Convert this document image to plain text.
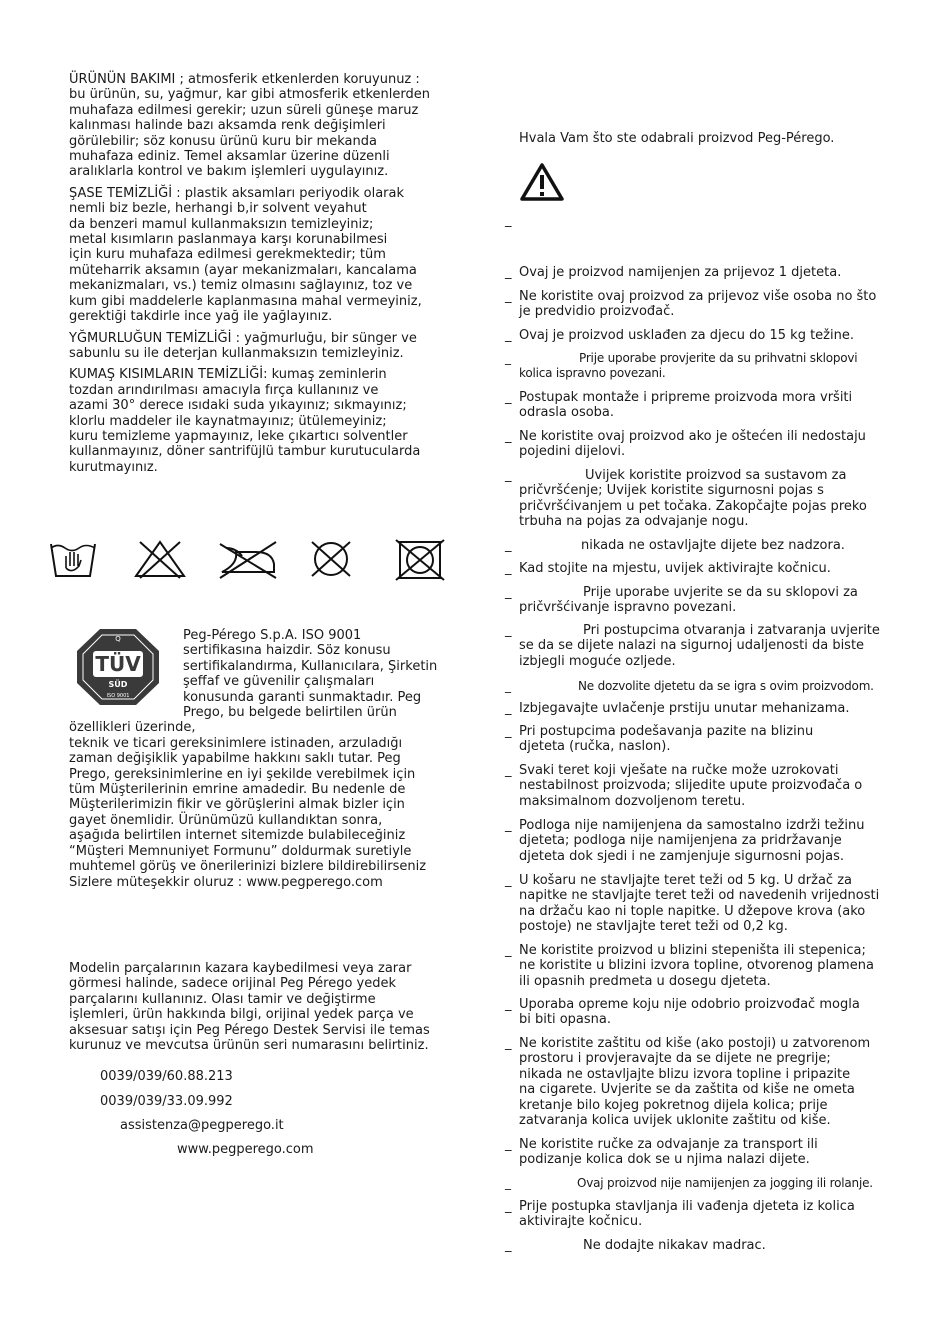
ÜRÜNÜN BAKIMI ; atmosferik etkenlerden koruyunuz :
bu ürünün, su, yağmur, kar gibi atmosferik etkenlerden
muhafaza edilmesi gerekir; uzun süreli güneşe maruz
kalınması halinde bazı aksamda renk değişimleri
görülebilir; söz konusu ürünü kuru bir mekanda
muhafaza ediniz. Temel aksamlar üzerine düzenli
aralıklarla kontrol ve bakım işlemleri uygulayınız.

ŞASE TEMİZLİĞİ : plastik aksamları periyodik olarak
nemli biz bezle, herhangi b,ir solvent veyahut
da benzeri mamul kullanmaksızın temizleyiniz;
metal kısımların paslanmaya karşı korunabilmesi
için kuru muhafaza edilmesi gerekmektedir; tüm
müteharrik aksamın (ayar mekanizmaları, kancalama
mekanizmaları, vs.) temiz olmasını sağlayınız, toz ve
kum gibi maddelerle kaplanmasına mahal vermeyiniz,
gerektiği takdirle ince yağ ile yağlayınız.

YĞMURLUĞUN TEMİZLİĞİ : yağmurluğu, bir sünger ve
sabunlu su ile deterjan kullanmaksızın temizleyiniz.

KUMAŞ KISIMLARIN TEMİZLİĞİ: kumaş zeminlerin
tozdan arındırılması amacıyla fırça kullanınız ve
azami 30° derece ısıdaki suda yıkayınız; sıkmayınız;
klorlu maddeler ile kaynatmayınız; ütülemeyiniz;
kuru temizleme yapmayınız, leke çıkartıcı solventler
kullanmayınız, döner santrifüjlü tambur kurutucularda
kurutmayınız.

Q
TÜV
SÜD
ISO 9001

Peg-Pérego S.p.A. ISO 9001
sertifikasına haizdir. Söz konusu
sertifikalandırma, Kullanıcılara, Şirketin
şeffaf ve güvenilir çalışmaları
konusunda garanti sunmaktadır. Peg
Prego, bu belgede belirtilen ürün özellikleri üzerinde,
teknik ve ticari gereksinimlere istinaden, arzuladığı
zaman değişiklik yapabilme hakkını saklı tutar. Peg
Prego, gereksinimlerine en iyi şekilde verebilmek için
tüm Müşterilerinin emrine amadedir. Bu nedenle de
Müşterilerimizin fikir ve görüşlerini almak bizler için
gayet önemlidir. Ürünümüzü kullandıktan sonra,
aşağıda belirtilen internet sitemizde bulabileceğiniz
“Müşteri Memnuniyet Formunu” doldurmak suretiyle
muhtemel görüş ve önerilerinizi bizlere bildirebilirsen​iz
Sizlere müteşekkir oluruz : www.pegperego.com

Modelin parçalarının kazara kaybedilmesi veya zarar
görmesi halinde, sadece orijinal Peg Pérego yedek
parçalarını kullanınız. Olası tamir ve değiştirme
işlemleri, ürün hakkında bilgi, orijinal yedek parça ve
aksesuar satışı için Peg Pérego Destek Servisi ile temas
kurunuz ve mevcutsa ürünün seri numarasını belirtiniz.

0039/039/60.88.213
0039/039/33.09.992
assistenza@pegperego.it
www.pegperego.com
Hvala Vam što ste odabrali proizvod Peg-Pérego.
_
_ Ovaj je proizvod namijenjen za prijevoz 1 djeteta.
_ Ne koristite ovaj proizvod za prijevoz više osoba no što
je predvidio proizvođač.
_ Ovaj je proizvod usklađen za djecu do 15 kg težine.
_	Prije uporabe provjerite da su prihvatni sklopovi
kolica ispravno povezani.
_ Postupak montaže i pripreme proizvoda mora vršiti
odrasla osoba.
_ Ne koristite ovaj proizvod ako je oštećen ili nedostaju
pojedini dijelovi.
_	Uvijek koristite proizvod sa sustavom za
pričvršćenje; Uvijek koristite sigurnosni pojas s
pričvršćivanjem u pet točaka. Zakopčajte pojas preko
trbuha na pojas za odvajanje nogu.
_	nikada ne ostavljajte dijete bez nadzora.
_ Kad stojite na mjestu, uvijek aktivirajte kočnicu.
_	Prije uporabe uvjerite se da su sklopovi za
pričvršćivanje ispravno povezani.
_	Pri postupcima otvaranja i zatvaranja uvjerite
se da se dijete nalazi na sigurnoj udaljenosti da biste
izbjegli moguće ozljede.
_	Ne dozvolite djetetu da se igra s ovim proizvodom.
_ Izbjegavajte uvlačenje prstiju unutar mehanizama.
_ Pri postupcima podešavanja pazite na blizinu
djeteta (ručka, naslon).
_ Svaki teret koji vješate na ručke može uzrokovati
nestabilnost proizvoda; slijedite upute proizvođača o
maksimalnom dozvoljenom teretu.
_ Podloga nije namijenjena da samostalno izdrži težinu
djeteta; podloga nije namijenjena za pridržavanje
djeteta dok sjedi i ne zamjenjuje sigurnosni pojas.
_ U košaru ne stavljajte teret teži od 5 kg. U držač za
napitke ne stavljajte teret teži od navedenih vrijednosti
na držaču kao ni tople napitke. U džepove krova (ako
postoje) ne stavljajte teret teži od 0,2 kg.
_ Ne koristite proizvod u blizini stepeništa ili stepenica;
ne koristite u blizini izvora topline, otvorenog plamena
ili opasnih predmeta u dosegu djeteta.
_ Uporaba opreme koju nije odobrio proizvođač mogla
bi biti opasna.
_ Ne koristite zaštitu od kiše (ako postoji) u zatvorenom
prostoru i provjeravajte da se dijete ne pregrije;
nikada ne ostavljajte blizu izvora topline i pripazite
na cigarete. Uvjerite se da zaštita od kiše ne ometa
kretanje bilo kojeg pokretnog dijela kolica; prije
zatvaranja kolica uvijek uklonite zaštitu od kiše.
_ Ne koristite ručke za odvajanje za transport ili
podizanje kolica dok se u njima nalazi dijete.
_	Ovaj proizvod nije namijenjen za jogging ili rolanje.
_ Prije postupka stavljanja ili vađenja djeteta iz kolica
aktivirajte kočnicu.
_	Ne dodajte nikakav madrac.
